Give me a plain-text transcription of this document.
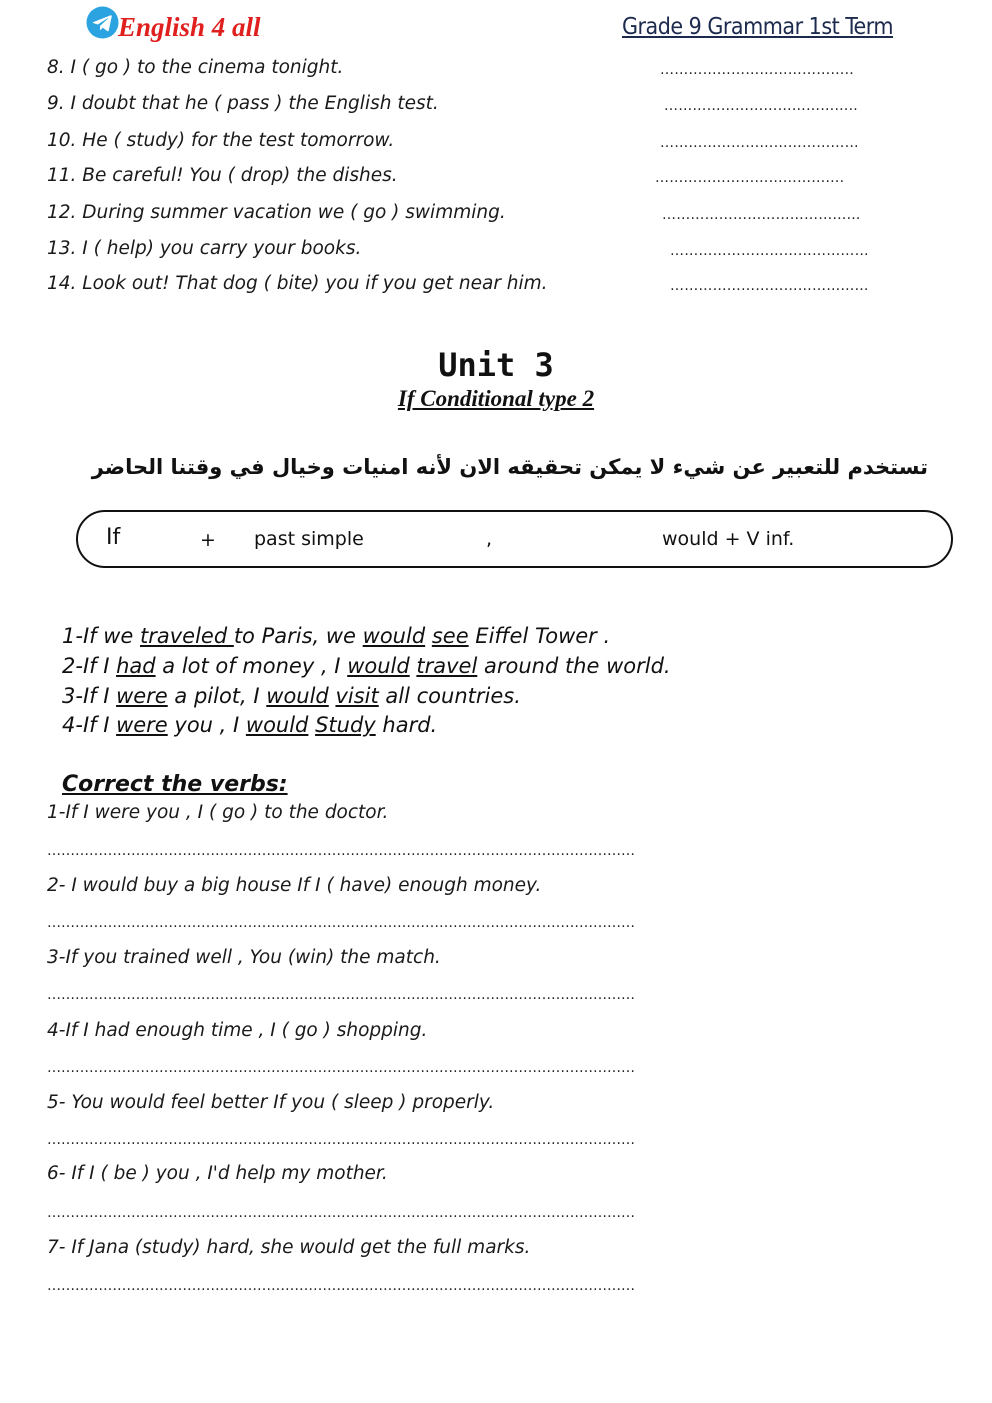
English 4 all	Grade 9 Grammar 1st Term
8. I ( go ) to the cinema tonight.	…………………………………..
9. I doubt that he ( pass ) the English test.	…………………………………..
10. He ( study) for the test tomorrow.	……………………………………
11. Be careful! You ( drop) the dishes.	………………………………….
12. During summer vacation we ( go ) swimming.	…………………………………...
13. I ( help) you carry your books.	……………………………………
14. Look out! That dog ( bite) you if you get near him.	…………………………………...
Unit 3
If Conditional type 2
تستخدم للتعبير عن شيء لا يمكن تحقيقه الان لأنه امنيات وخيال في وقتنا الحاضر
If	+ past simple	,	would + V inf.
1-If we traveled to Paris, we would see Eiffel Tower .
2-If I had a lot of money , I would travel around the world.
3-If I were a pilot, I would visit all countries.
4-If I were you , I would Study hard.
Correct the verbs:
1-If I were you , I ( go ) to the doctor.
………………………………………………………………………………………………………………
2- I would buy a big house If I ( have) enough money.
………………………………………………………………………………………………………………
3-If you trained well , You (win) the match.
………………………………………………………………………………………………………………
4-If I had enough time , I ( go ) shopping.
………………………………………………………………………………………………………………
5- You would feel better If you ( sleep ) properly.
………………………………………………………………………………………………………………
6- If I ( be ) you , I'd help my mother.
………………………………………………………………………………………………………………
7- If Jana (study) hard, she would get the full marks.
………………………………………………………………………………………………………………
